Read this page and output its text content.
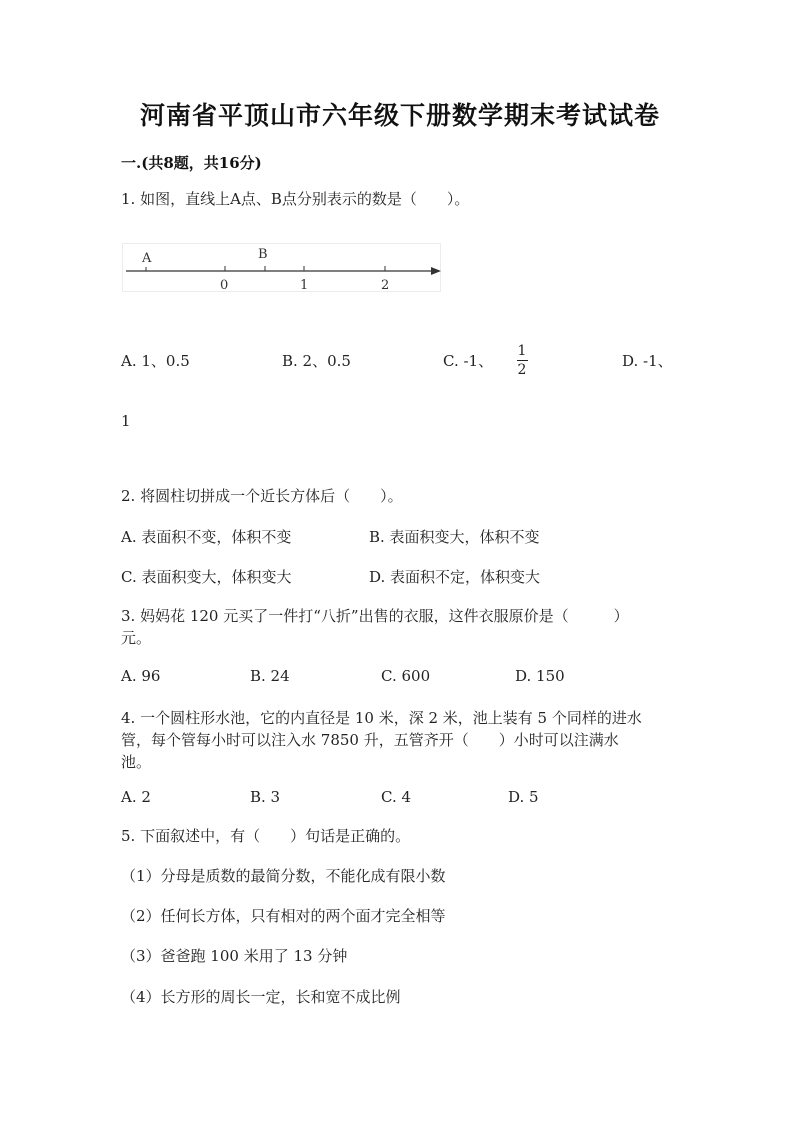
河南省平顶山市六年级下册数学期末考试试卷
一.(共8题，共16分)
1. 如图，直线上A点、B点分别表示的数是（　　）。
A	B
0	1	2
A. 1、0.5	B. 2、0.5	C. -1、
1
2	D. -1、
1
2. 将圆柱切拼成一个近长方体后（　　）。
A. 表面积不变，体积不变	B. 表面积变大，体积不变
C. 表面积变大，体积变大	D. 表面积不定，体积变大
3. 妈妈花 120 元买了一件打“八折”出售的衣服，这件衣服原价是（　　　）
元。
A. 96	B. 24	C. 600	D. 150
4. 一个圆柱形水池，它的内直径是 10 米，深 2 米，池上装有 5 个同样的进水
管，每个管每小时可以注入水 7850 升，五管齐开（　　）小时可以注满水
池。
A. 2	B. 3	C. 4	D. 5
5. 下面叙述中，有（　　）句话是正确的。
（1）分母是质数的最简分数，不能化成有限小数
（2）任何长方体，只有相对的两个面才完全相等
（3）爸爸跑 100 米用了 13 分钟
（4）长方形的周长一定，长和宽不成比例
